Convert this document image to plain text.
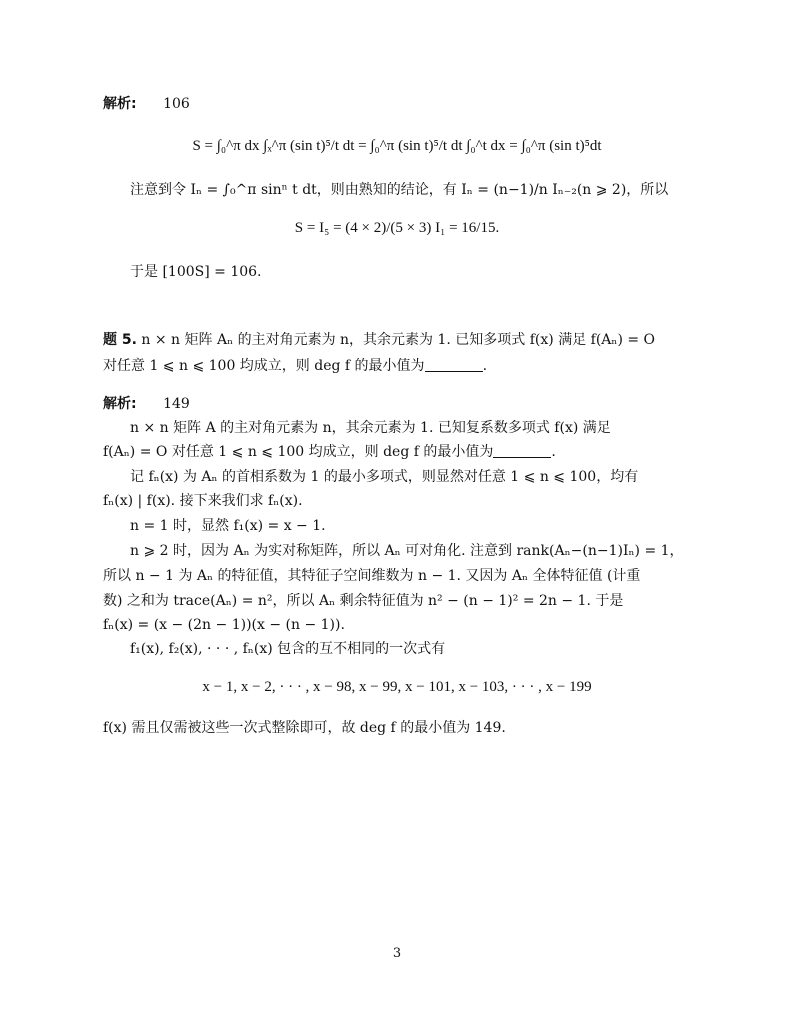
解析: 106
S = ∫₀^π dx ∫ₓ^π (sin t)⁵/t dt = ∫₀^π (sin t)⁵/t dt ∫₀^t dx = ∫₀^π (sin t)⁵dt
注意到令 Iₙ = ∫₀^π sinⁿ t dt，则由熟知的结论，有 Iₙ = (n−1)/n Iₙ₋₂(n ⩾ 2)，所以
S = I₅ = (4 × 2)/(5 × 3) I₁ = 16/15.
于是 [100S] = 106.
题 5. n × n 矩阵 Aₙ 的主对角元素为 n，其余元素为 1. 已知多项式 f(x) 满足 f(Aₙ) = O
对任意 1 ⩽ n ⩽ 100 均成立，则 deg f 的最小值为	.
解析: 149
n × n 矩阵 A 的主对角元素为 n，其余元素为 1. 已知复系数多项式 f(x) 满足
f(Aₙ) = O 对任意 1 ⩽ n ⩽ 100 均成立，则 deg f 的最小值为	.
记 fₙ(x) 为 Aₙ 的首相系数为 1 的最小多项式，则显然对任意 1 ⩽ n ⩽ 100，均有
fₙ(x) | f(x). 接下来我们求 fₙ(x).
n = 1 时，显然 f₁(x) = x − 1.
n ⩾ 2 时，因为 Aₙ 为实对称矩阵，所以 Aₙ 可对角化. 注意到 rank(Aₙ−(n−1)Iₙ) = 1，
所以 n − 1 为 Aₙ 的特征值，其特征子空间维数为 n − 1. 又因为 Aₙ 全体特征值 (计重
数) 之和为 trace(Aₙ) = n²，所以 Aₙ 剩余特征值为 n² − (n − 1)² = 2n − 1. 于是
fₙ(x) = (x − (2n − 1))(x − (n − 1)).
f₁(x), f₂(x), · · · , fₙ(x) 包含的互不相同的一次式有
x − 1, x − 2, · · · , x − 98, x − 99, x − 101, x − 103, · · · , x − 199
f(x) 需且仅需被这些一次式整除即可，故 deg f 的最小值为 149.
3
